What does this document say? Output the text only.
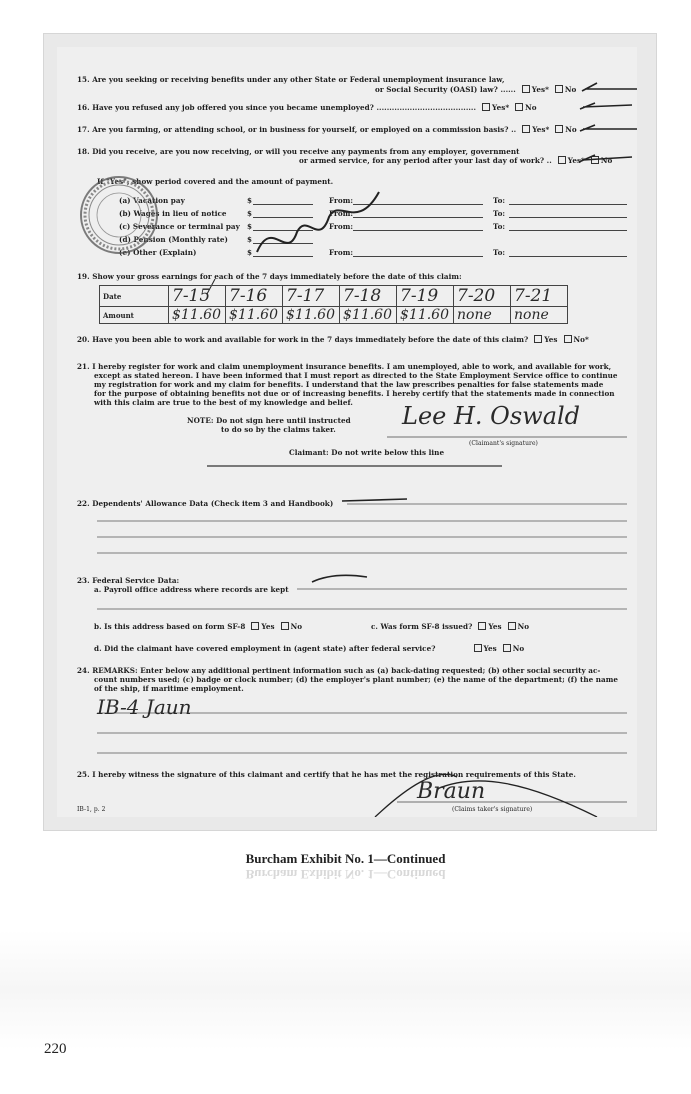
15. Are you seeking or receiving benefits under any other State or Federal unemployment insurance law,
or Social Security (OASI) law? ...... Yes* No
16. Have you refused any job offered you since you became unemployed? ....................................... Yes* No
17. Are you farming, or attending school, or in business for yourself, or employed on a commission basis? .. Yes* No
18. Did you receive, are you now receiving, or will you receive any payments from any employer, government
or armed service, for any period after your last day of work? .. Yes* No
If "Yes", show period covered and the amount of payment.
(a) Vacation pay	$	From:	To:
(b) Wages in lieu of notice	$	From:	To:
(c) Severance or terminal pay $	From:	To:
(d) Pension (Monthly rate)	$
(e) Other (Explain)	$	From:	To:
19. Show your gross earnings for each of the 7 days immediately before the date of this claim:
Date	7-15	7-16	7-17	7-18	7-19	7-20	7-21
Amount	$11.60	$11.60	$11.60	$11.60	$11.60	none	none
20. Have you been able to work and available for work in the 7 days immediately before the date of this claim? Yes No*
21. I hereby register for work and claim unemployment insurance benefits. I am unemployed, able to work, and available for work,
except as stated hereon. I have been informed that I must report as directed to the State Employment Service office to continue
my registration for work and my claim for benefits. I understand that the law prescribes penalties for false statements made
for the purpose of obtaining benefits not due or of increasing benefits. I hereby certify that the statements made in connection
with this claim are true to the best of my knowledge and belief.
NOTE: Do not sign here until instructed
to do so by the claims taker.	Lee H. Oswald
(Claimant's signature)
Claimant: Do not write below this line
22. Dependents' Allowance Data (Check item 3 and Handbook)
23. Federal Service Data:
a. Payroll office address where records are kept
b. Is this address based on form SF-8 Yes No	c. Was form SF-8 issued? Yes No
d. Did the claimant have covered employment in (agent state) after federal service?	Yes No
24. REMARKS: Enter below any additional pertinent information such as (a) back-dating requested; (b) other social security ac-
count numbers used; (c) badge or clock number; (d) the employer's plant number; (e) the name of the department; (f) the name
of the ship, if maritime employment.
IB-4 Jaun
25. I hereby witness the signature of this claimant and certify that he has met the registration requirements of this State.
Braun
(Claims taker's signature)
IB-1, p. 2
Burcham Exhibit No. 1—Continued
Burcham Exhibit No. 1—Continued
220
